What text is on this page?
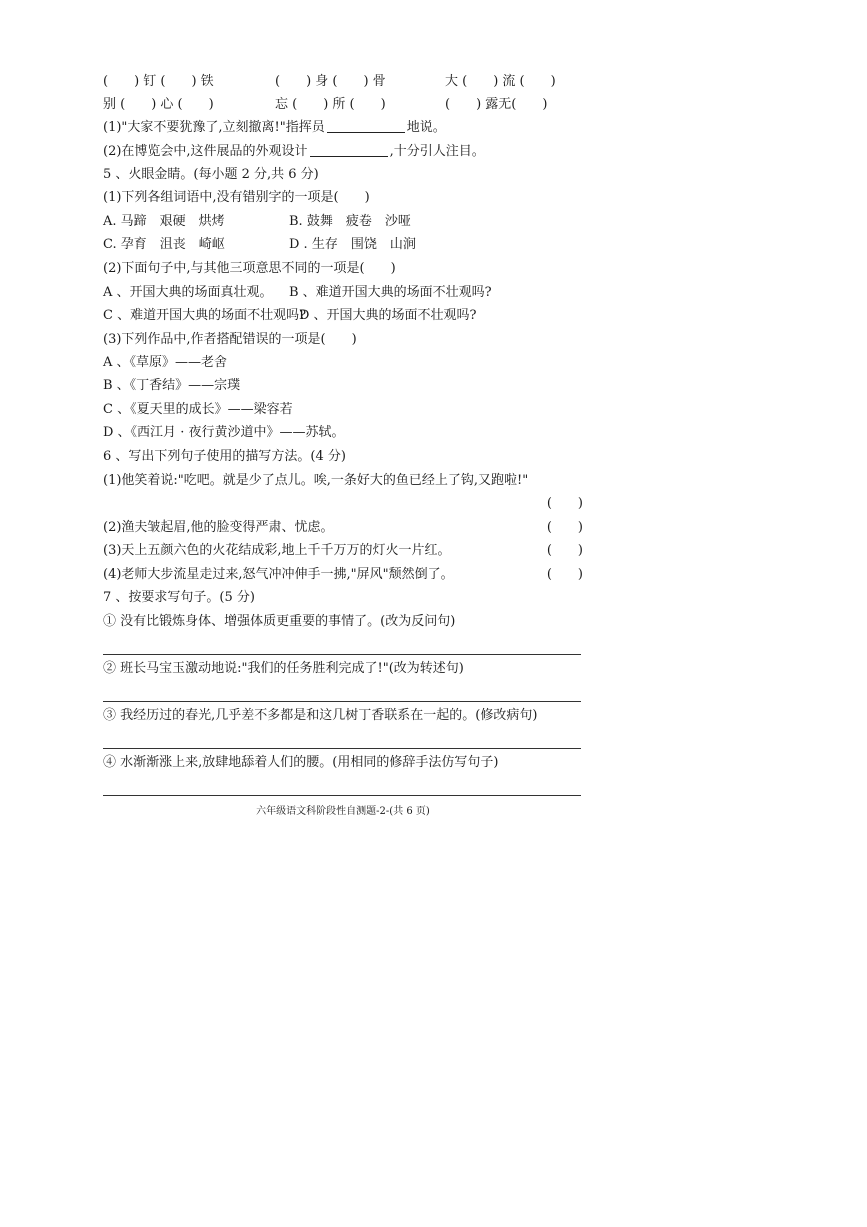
(　　) 钉 (　　) 铁	(　　) 身 (　　) 骨	大 (　　) 流 (　　)
别 (　　) 心 (　　)	忘 (　　) 所 (　　)	(　　) 露无(　　)
(1)"大家不要犹豫了,立刻撤离!"指挥员	地说。
(2)在博览会中,这件展品的外观设计	,十分引人注目。
5 、火眼金睛。(每小题 2 分,共 6 分)
(1)下列各组词语中,没有错别字的一项是(　　)
A. 马蹄　艰硬　烘烤	B. 鼓舞　疲卷　沙哑
C. 孕育　沮丧　崎岖	D . 生存　围饶　山涧
(2)下面句子中,与其他三项意思不同的一项是(　　)
A 、开国大典的场面真壮观。 B 、难道开国大典的场面不壮观吗?
C 、难道开国大典的场面不壮观吗?
D 、开国大典的场面不壮观吗?
(3)下列作品中,作者搭配错误的一项是(　　)
A 、《草原》——老舍
B 、《丁香结》——宗璞
C 、《夏天里的成长》——梁容若
D 、《西江月 · 夜行黄沙道中》——苏轼。
6 、写出下列句子使用的描写方法。(4 分)
(1)他笑着说:"吃吧。就是少了点儿。唉,一条好大的鱼已经上了钩,又跑啦!"
(　　)
(2)渔夫皱起眉,他的脸变得严肃、忧虑。	(　　)
(3)天上五颜六色的火花结成彩,地上千千万万的灯火一片红。	(　　)
(4)老师大步流星走过来,怒气冲冲伸手一拂,"屏风"颓然倒了。	(　　)
7 、按要求写句子。(5 分)
① 没有比锻炼身体、增强体质更重要的事情了。(改为反问句)
② 班长马宝玉激动地说:"我们的任务胜利完成了!"(改为转述句)
③ 我经历过的春光,几乎差不多都是和这几树丁香联系在一起的。(修改病句)
④ 水渐渐涨上来,放肆地舔着人们的腰。(用相同的修辞手法仿写句子)
六年级语文科阶段性自测题-2-(共 6 页)
